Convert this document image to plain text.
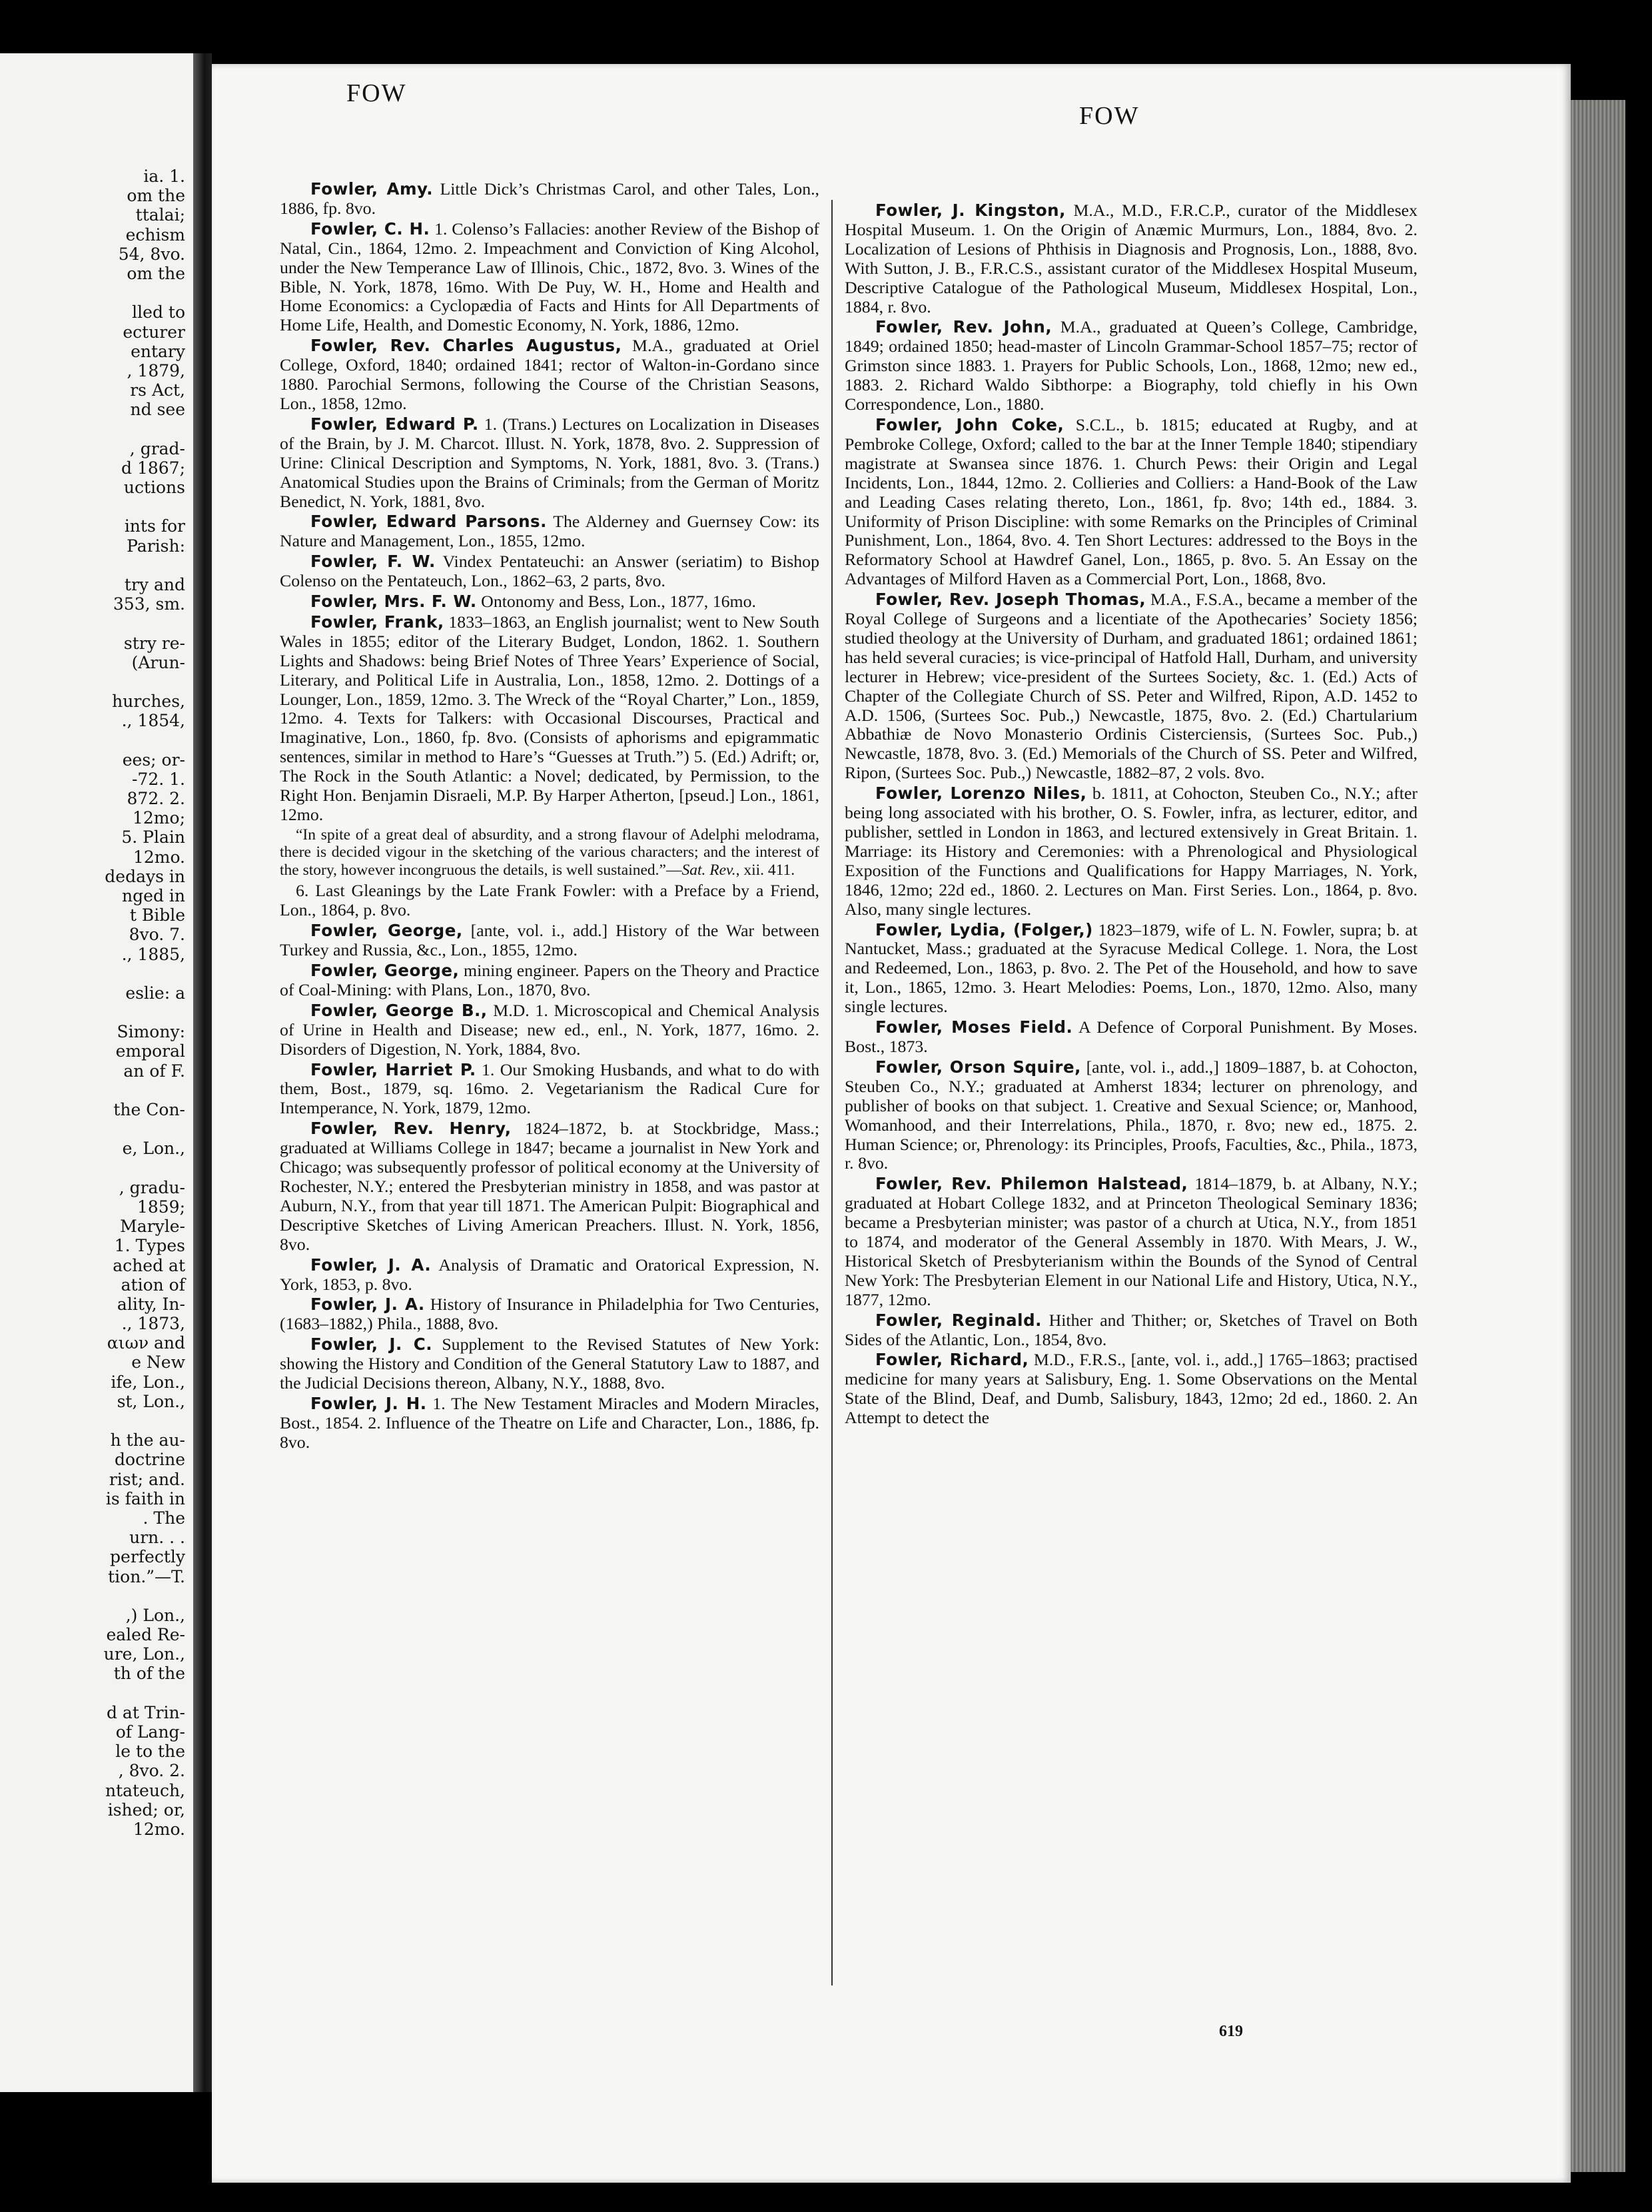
ia. 1.
om the
ttalai;
echism
54, 8vo.
om the
lled to
ecturer
entary
, 1879,
rs Act,
nd see
, grad-
d 1867;
uctions
ints for
Parish:
try and
353, sm.
stry re-
(Arun-
hurches,
., 1854,
ees; or-
-72. 1.
872. 2.
12mo;
5. Plain
12mo.
dedays in
nged in
t Bible
8vo. 7.
., 1885,
eslie: a
Simony:
emporal
an of F.
the Con-
e, Lon.,
, gradu-
1859;
Maryle-
1. Types
ached at
ation of
ality, In-
., 1873,
αιων and
e New
ife, Lon.,
st, Lon.,
h the au-
doctrine
rist; and.
is faith in
. The
urn. . .
perfectly
tion.”—T.
,) Lon.,
ealed Re-
ure, Lon.,
th of the
d at Trin-
of Lang-
le to the
, 8vo. 2.
ntateuch,
ished; or,
12mo.
FOW
FOW

Fowler, Amy. Little Dick’s Christmas Carol, and other Tales, Lon., 1886, fp. 8vo.

Fowler, C. H. 1. Colenso’s Fallacies: another Review of the Bishop of Natal, Cin., 1864, 12mo. 2. Impeachment and Conviction of King Alcohol, under the New Temperance Law of Illinois, Chic., 1872, 8vo. 3. Wines of the Bible, N. York, 1878, 16mo. With De Puy, W. H., Home and Health and Home Economics: a Cyclopædia of Facts and Hints for All Departments of Home Life, Health, and Domestic Economy, N. York, 1886, 12mo.

Fowler, Rev. Charles Augustus, M.A., graduated at Oriel College, Oxford, 1840; ordained 1841; rector of Walton-in-Gordano since 1880. Parochial Sermons, following the Course of the Christian Seasons, Lon., 1858, 12mo.

Fowler, Edward P. 1. (Trans.) Lectures on Localization in Diseases of the Brain, by J. M. Charcot. Illust. N. York, 1878, 8vo. 2. Suppression of Urine: Clinical Description and Symptoms, N. York, 1881, 8vo. 3. (Trans.) Anatomical Studies upon the Brains of Criminals; from the German of Moritz Benedict, N. York, 1881, 8vo.

Fowler, Edward Parsons. The Alderney and Guernsey Cow: its Nature and Management, Lon., 1855, 12mo.

Fowler, F. W. Vindex Pentateuchi: an Answer (seriatim) to Bishop Colenso on the Pentateuch, Lon., 1862–63, 2 parts, 8vo.

Fowler, Mrs. F. W. Ontonomy and Bess, Lon., 1877, 16mo.

Fowler, Frank, 1833–1863, an English journalist; went to New South Wales in 1855; editor of the Literary Budget, London, 1862. 1. Southern Lights and Shadows: being Brief Notes of Three Years’ Experience of Social, Literary, and Political Life in Australia, Lon., 1858, 12mo. 2. Dottings of a Lounger, Lon., 1859, 12mo. 3. The Wreck of the “Royal Charter,” Lon., 1859, 12mo. 4. Texts for Talkers: with Occasional Discourses, Practical and Imaginative, Lon., 1860, fp. 8vo. (Consists of aphorisms and epigrammatic sentences, similar in method to Hare’s “Guesses at Truth.”) 5. (Ed.) Adrift; or, The Rock in the South Atlantic: a Novel; dedicated, by Permission, to the Right Hon. Benjamin Disraeli, M.P. By Harper Atherton, [pseud.] Lon., 1861, 12mo.

“In spite of a great deal of absurdity, and a strong flavour of Adelphi melodrama, there is decided vigour in the sketching of the various characters; and the interest of the story, however incongruous the details, is well sustained.”—Sat. Rev., xii. 411.

6. Last Gleanings by the Late Frank Fowler: with a Preface by a Friend, Lon., 1864, p. 8vo.

Fowler, George, [ante, vol. i., add.] History of the War between Turkey and Russia, &c., Lon., 1855, 12mo.

Fowler, George, mining engineer. Papers on the Theory and Practice of Coal-Mining: with Plans, Lon., 1870, 8vo.

Fowler, George B., M.D. 1. Microscopical and Chemical Analysis of Urine in Health and Disease; new ed., enl., N. York, 1877, 16mo. 2. Disorders of Digestion, N. York, 1884, 8vo.

Fowler, Harriet P. 1. Our Smoking Husbands, and what to do with them, Bost., 1879, sq. 16mo. 2. Vegetarianism the Radical Cure for Intemperance, N. York, 1879, 12mo.

Fowler, Rev. Henry, 1824–1872, b. at Stockbridge, Mass.; graduated at Williams College in 1847; became a journalist in New York and Chicago; was subsequently professor of political economy at the University of Rochester, N.Y.; entered the Presbyterian ministry in 1858, and was pastor at Auburn, N.Y., from that year till 1871. The American Pulpit: Biographical and Descriptive Sketches of Living American Preachers. Illust. N. York, 1856, 8vo.

Fowler, J. A. Analysis of Dramatic and Oratorical Expression, N. York, 1853, p. 8vo.

Fowler, J. A. History of Insurance in Philadelphia for Two Centuries, (1683–1882,) Phila., 1888, 8vo.

Fowler, J. C. Supplement to the Revised Statutes of New York: showing the History and Condition of the General Statutory Law to 1887, and the Judicial Decisions thereon, Albany, N.Y., 1888, 8vo.

Fowler, J. H. 1. The New Testament Miracles and Modern Miracles, Bost., 1854. 2. Influence of the Theatre on Life and Character, Lon., 1886, fp. 8vo.

Fowler, J. Kingston, M.A., M.D., F.R.C.P., curator of the Middlesex Hospital Museum. 1. On the Origin of Anæmic Murmurs, Lon., 1884, 8vo. 2. Localization of Lesions of Phthisis in Diagnosis and Prognosis, Lon., 1888, 8vo. With Sutton, J. B., F.R.C.S., assistant curator of the Middlesex Hospital Museum, Descriptive Catalogue of the Pathological Museum, Middlesex Hospital, Lon., 1884, r. 8vo.

Fowler, Rev. John, M.A., graduated at Queen’s College, Cambridge, 1849; ordained 1850; head-master of Lincoln Grammar-School 1857–75; rector of Grimston since 1883. 1. Prayers for Public Schools, Lon., 1868, 12mo; new ed., 1883. 2. Richard Waldo Sibthorpe: a Biography, told chiefly in his Own Correspondence, Lon., 1880.

Fowler, John Coke, S.C.L., b. 1815; educated at Rugby, and at Pembroke College, Oxford; called to the bar at the Inner Temple 1840; stipendiary magistrate at Swansea since 1876. 1. Church Pews: their Origin and Legal Incidents, Lon., 1844, 12mo. 2. Collieries and Colliers: a Hand-Book of the Law and Leading Cases relating thereto, Lon., 1861, fp. 8vo; 14th ed., 1884. 3. Uniformity of Prison Discipline: with some Remarks on the Principles of Criminal Punishment, Lon., 1864, 8vo. 4. Ten Short Lectures: addressed to the Boys in the Reformatory School at Hawdref Ganel, Lon., 1865, p. 8vo. 5. An Essay on the Advantages of Milford Haven as a Commercial Port, Lon., 1868, 8vo.

Fowler, Rev. Joseph Thomas, M.A., F.S.A., became a member of the Royal College of Surgeons and a licentiate of the Apothecaries’ Society 1856; studied theology at the University of Durham, and graduated 1861; ordained 1861; has held several curacies; is vice-principal of Hatfold Hall, Durham, and university lecturer in Hebrew; vice-president of the Surtees Society, &c. 1. (Ed.) Acts of Chapter of the Collegiate Church of SS. Peter and Wilfred, Ripon, A.D. 1452 to A.D. 1506, (Surtees Soc. Pub.,) Newcastle, 1875, 8vo. 2. (Ed.) Chartularium Abbathiæ de Novo Monasterio Ordinis Cisterciensis, (Surtees Soc. Pub.,) Newcastle, 1878, 8vo. 3. (Ed.) Memorials of the Church of SS. Peter and Wilfred, Ripon, (Surtees Soc. Pub.,) Newcastle, 1882–87, 2 vols. 8vo.

Fowler, Lorenzo Niles, b. 1811, at Cohocton, Steuben Co., N.Y.; after being long associated with his brother, O. S. Fowler, infra, as lecturer, editor, and publisher, settled in London in 1863, and lectured extensively in Great Britain. 1. Marriage: its History and Ceremonies: with a Phrenological and Physiological Exposition of the Functions and Qualifications for Happy Marriages, N. York, 1846, 12mo; 22d ed., 1860. 2. Lectures on Man. First Series. Lon., 1864, p. 8vo. Also, many single lectures.

Fowler, Lydia, (Folger,) 1823–1879, wife of L. N. Fowler, supra; b. at Nantucket, Mass.; graduated at the Syracuse Medical College. 1. Nora, the Lost and Redeemed, Lon., 1863, p. 8vo. 2. The Pet of the Household, and how to save it, Lon., 1865, 12mo. 3. Heart Melodies: Poems, Lon., 1870, 12mo. Also, many single lectures.

Fowler, Moses Field. A Defence of Corporal Punishment. By Moses. Bost., 1873.

Fowler, Orson Squire, [ante, vol. i., add.,] 1809–1887, b. at Cohocton, Steuben Co., N.Y.; graduated at Amherst 1834; lecturer on phrenology, and publisher of books on that subject. 1. Creative and Sexual Science; or, Manhood, Womanhood, and their Interrelations, Phila., 1870, r. 8vo; new ed., 1875. 2. Human Science; or, Phrenology: its Principles, Proofs, Faculties, &c., Phila., 1873, r. 8vo.

Fowler, Rev. Philemon Halstead, 1814–1879, b. at Albany, N.Y.; graduated at Hobart College 1832, and at Princeton Theological Seminary 1836; became a Presbyterian minister; was pastor of a church at Utica, N.Y., from 1851 to 1874, and moderator of the General Assembly in 1870. With Mears, J. W., Historical Sketch of Presbyterianism within the Bounds of the Synod of Central New York: The Presbyterian Element in our National Life and History, Utica, N.Y., 1877, 12mo.

Fowler, Reginald. Hither and Thither; or, Sketches of Travel on Both Sides of the Atlantic, Lon., 1854, 8vo.

Fowler, Richard, M.D., F.R.S., [ante, vol. i., add.,] 1765–1863; practised medicine for many years at Salisbury, Eng. 1. Some Observations on the Mental State of the Blind, Deaf, and Dumb, Salisbury, 1843, 12mo; 2d ed., 1860. 2. An Attempt to detect the

619
